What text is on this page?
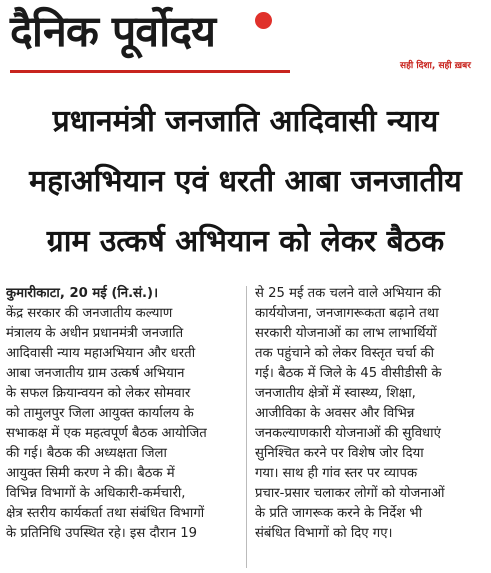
दैनिक पूर्वोदय
सही दिशा, सही ख़बर
प्रधानमंत्री जनजाति आदिवासी न्याय
महाअभियान एवं धरती आबा जनजातीय
ग्राम उत्कर्ष अभियान को लेकर बैठक
कुमारीकाटा, 20 मई (नि.सं.)।
केंद्र सरकार की जनजातीय कल्याण
मंत्रालय के अधीन प्रधानमंत्री जनजाति
आदिवासी न्याय महाअभियान और धरती
आबा जनजातीय ग्राम उत्कर्ष अभियान
के सफल क्रियान्वयन को लेकर सोमवार
को तामुलपुर जिला आयुक्त कार्यालय के
सभाकक्ष में एक महत्वपूर्ण बैठक आयोजित
की गई। बैठक की अध्यक्षता जिला
आयुक्त सिमी करण ने की। बैठक में
विभिन्न विभागों के अधिकारी-कर्मचारी,
क्षेत्र स्तरीय कार्यकर्ता तथा संबंधित विभागों
के प्रतिनिधि उपस्थित रहे। इस दौरान 19
से 25 मई तक चलने वाले अभियान की
कार्ययोजना, जनजागरूकता बढ़ाने तथा
सरकारी योजनाओं का लाभ लाभार्थियों
तक पहुंचाने को लेकर विस्तृत चर्चा की
गई। बैठक में जिले के 45 वीसीडीसी के
जनजातीय क्षेत्रों में स्वास्थ्य, शिक्षा,
आजीविका के अवसर और विभिन्न
जनकल्याणकारी योजनाओं की सुविधाएं
सुनिश्चित करने पर विशेष जोर दिया
गया। साथ ही गांव स्तर पर व्यापक
प्रचार-प्रसार चलाकर लोगों को योजनाओं
के प्रति जागरूक करने के निर्देश भी
संबंधित विभागों को दिए गए।
